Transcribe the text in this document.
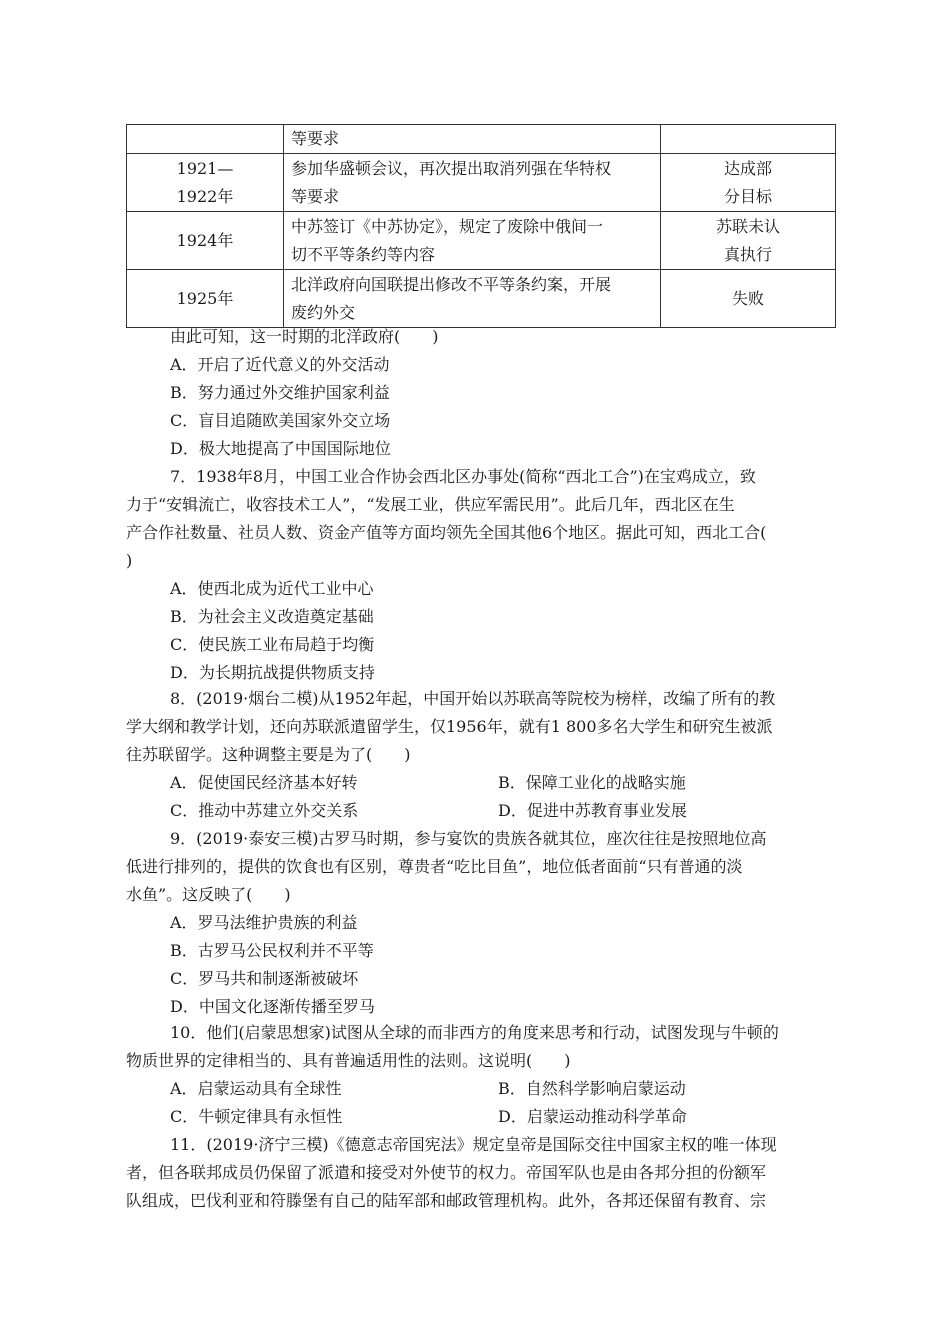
	等要求	

1921—
1922年	参加华盛顿会议，再次提出取消列强在华特权
等要求	达成部
分目标

1924年	中苏签订《中苏协定》，规定了废除中俄间一
切不平等条约等内容	苏联未认
真执行

1925年	北洋政府向国联提出修改不平等条约案，开展
废约外交	失败
由此可知，这一时期的北洋政府(　　)
A．开启了近代意义的外交活动
B．努力通过外交维护国家利益
C．盲目追随欧美国家外交立场
D．极大地提高了中国国际地位
7．1938年8月，中国工业合作协会西北区办事处(简称“西北工合”)在宝鸡成立，致
力于“安辑流亡，收容技术工人”，“发展工业，供应军需民用”。此后几年，西北区在生
产合作社数量、社员人数、资金产值等方面均领先全国其他6个地区。据此可知，西北工合(
)
A．使西北成为近代工业中心
B．为社会主义改造奠定基础
C．使民族工业布局趋于均衡
D．为长期抗战提供物质支持
8．(2019·烟台二模)从1952年起，中国开始以苏联高等院校为榜样，改编了所有的教
学大纲和教学计划，还向苏联派遣留学生，仅1956年，就有1 800多名大学生和研究生被派
往苏联留学。这种调整主要是为了(　　)
A．促使国民经济基本好转	B．保障工业化的战略实施
C．推动中苏建立外交关系	D．促进中苏教育事业发展
9．(2019·泰安三模)古罗马时期，参与宴饮的贵族各就其位，座次往往是按照地位高
低进行排列的，提供的饮食也有区别，尊贵者“吃比目鱼”，地位低者面前“只有普通的淡
水鱼”。这反映了(　　)
A．罗马法维护贵族的利益
B．古罗马公民权利并不平等
C．罗马共和制逐渐被破坏
D．中国文化逐渐传播至罗马
10．他们(启蒙思想家)试图从全球的而非西方的角度来思考和行动，试图发现与牛顿的
物质世界的定律相当的、具有普遍适用性的法则。这说明(　　)
A．启蒙运动具有全球性	B．自然科学影响启蒙运动
C．牛顿定律具有永恒性	D．启蒙运动推动科学革命
11．(2019·济宁三模)《德意志帝国宪法》规定皇帝是国际交往中国家主权的唯一体现
者，但各联邦成员仍保留了派遣和接受对外使节的权力。帝国军队也是由各邦分担的份额军
队组成，巴伐利亚和符滕堡有自己的陆军部和邮政管理机构。此外，各邦还保留有教育、宗
